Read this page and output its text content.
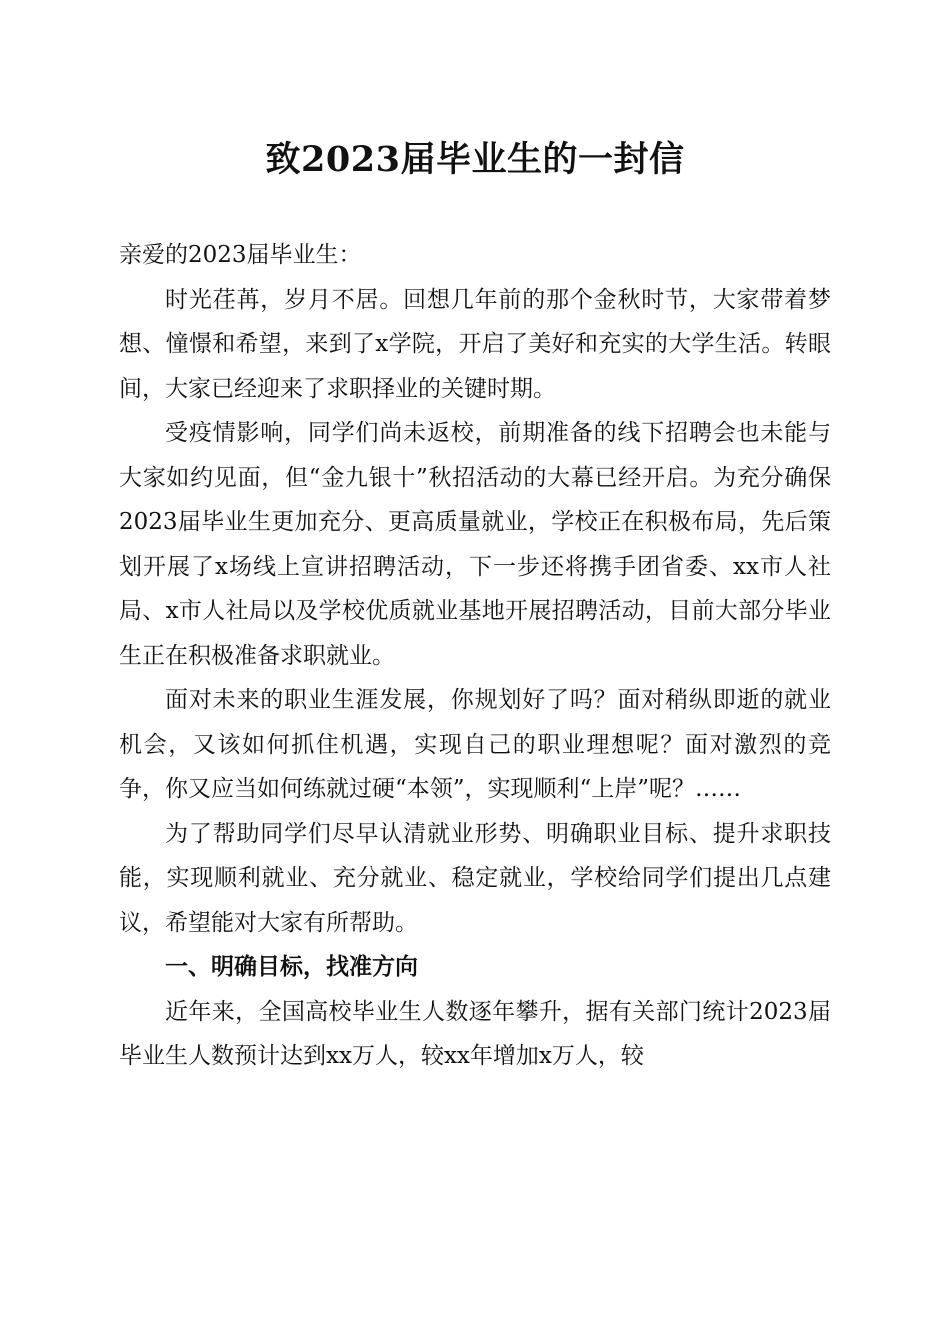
致2023届毕业生的一封信

亲爱的2023届毕业生：

时光荏苒，岁月不居。回想几年前的那个金秋时节，大家带着梦想、憧憬和希望，来到了x学院，开启了美好和充实的大学生活。转眼间，大家已经迎来了求职择业的关键时期。

受疫情影响，同学们尚未返校，前期准备的线下招聘会也未能与大家如约见面，但“金九银十”秋招活动的大幕已经开启。为充分确保2023届毕业生更加充分、更高质量就业，学校正在积极布局，先后策划开展了x场线上宣讲招聘活动，下一步还将携手团省委、xx市人社局、x市人社局以及学校优质就业基地开展招聘活动，目前大部分毕业生正在积极准备求职就业。

面对未来的职业生涯发展，你规划好了吗？面对稍纵即逝的就业机会，又该如何抓住机遇，实现自己的职业理想呢？面对激烈的竞争，你又应当如何练就过硬“本领”，实现顺利“上岸”呢？……

为了帮助同学们尽早认清就业形势、明确职业目标、提升求职技能，实现顺利就业、充分就业、稳定就业，学校给同学们提出几点建议，希望能对大家有所帮助。

一、明确目标，找准方向

近年来，全国高校毕业生人数逐年攀升，据有关部门统计2023届毕业生人数预计达到xx万人，较xx年增加x万人，较
